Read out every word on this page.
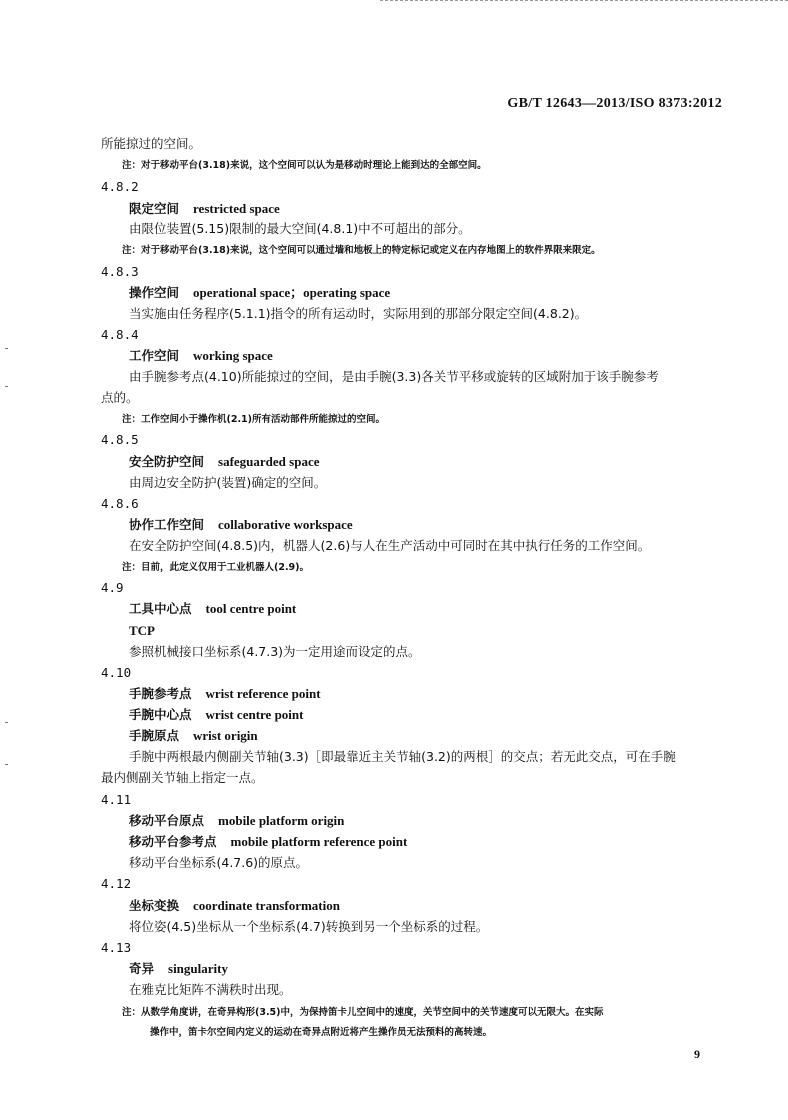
GB/T 12643—2013/ISO 8373:2012
所能掠过的空间。
注：对于移动平台(3.18)来说，这个空间可以认为是移动时理论上能到达的全部空间。
4.8.2
限定空间 restricted space
由限位装置(5.15)限制的最大空间(4.8.1)中不可超出的部分。
注：对于移动平台(3.18)来说，这个空间可以通过墙和地板上的特定标记或定义在内存地图上的软件界限来限定。
4.8.3
操作空间 operational space；operating space
当实施由任务程序(5.1.1)指令的所有运动时，实际用到的那部分限定空间(4.8.2)。
4.8.4
工作空间 working space
由手腕参考点(4.10)所能掠过的空间，是由手腕(3.3)各关节平移或旋转的区域附加于该手腕参考
点的。
注：工作空间小于操作机(2.1)所有活动部件所能掠过的空间。
4.8.5
安全防护空间 safeguarded space
由周边安全防护(装置)确定的空间。
4.8.6
协作工作空间 collaborative workspace
在安全防护空间(4.8.5)内，机器人(2.6)与人在生产活动中可同时在其中执行任务的工作空间。
注：目前，此定义仅用于工业机器人(2.9)。
4.9
工具中心点 tool centre point
TCP
参照机械接口坐标系(4.7.3)为一定用途而设定的点。
4.10
手腕参考点 wrist reference point
手腕中心点 wrist centre point
手腕原点 wrist origin
手腕中两根最内侧副关节轴(3.3)［即最靠近主关节轴(3.2)的两根］的交点；若无此交点，可在手腕
最内侧副关节轴上指定一点。
4.11
移动平台原点 mobile platform origin
移动平台参考点 mobile platform reference point
移动平台坐标系(4.7.6)的原点。
4.12
坐标变换 coordinate transformation
将位姿(4.5)坐标从一个坐标系(4.7)转换到另一个坐标系的过程。
4.13
奇异 singularity
在雅克比矩阵不满秩时出现。
注：从数学角度讲，在奇异构形(3.5)中，为保持笛卡儿空间中的速度，关节空间中的关节速度可以无限大。在实际
操作中，笛卡尔空间内定义的运动在奇异点附近将产生操作员无法预料的高转速。
9
